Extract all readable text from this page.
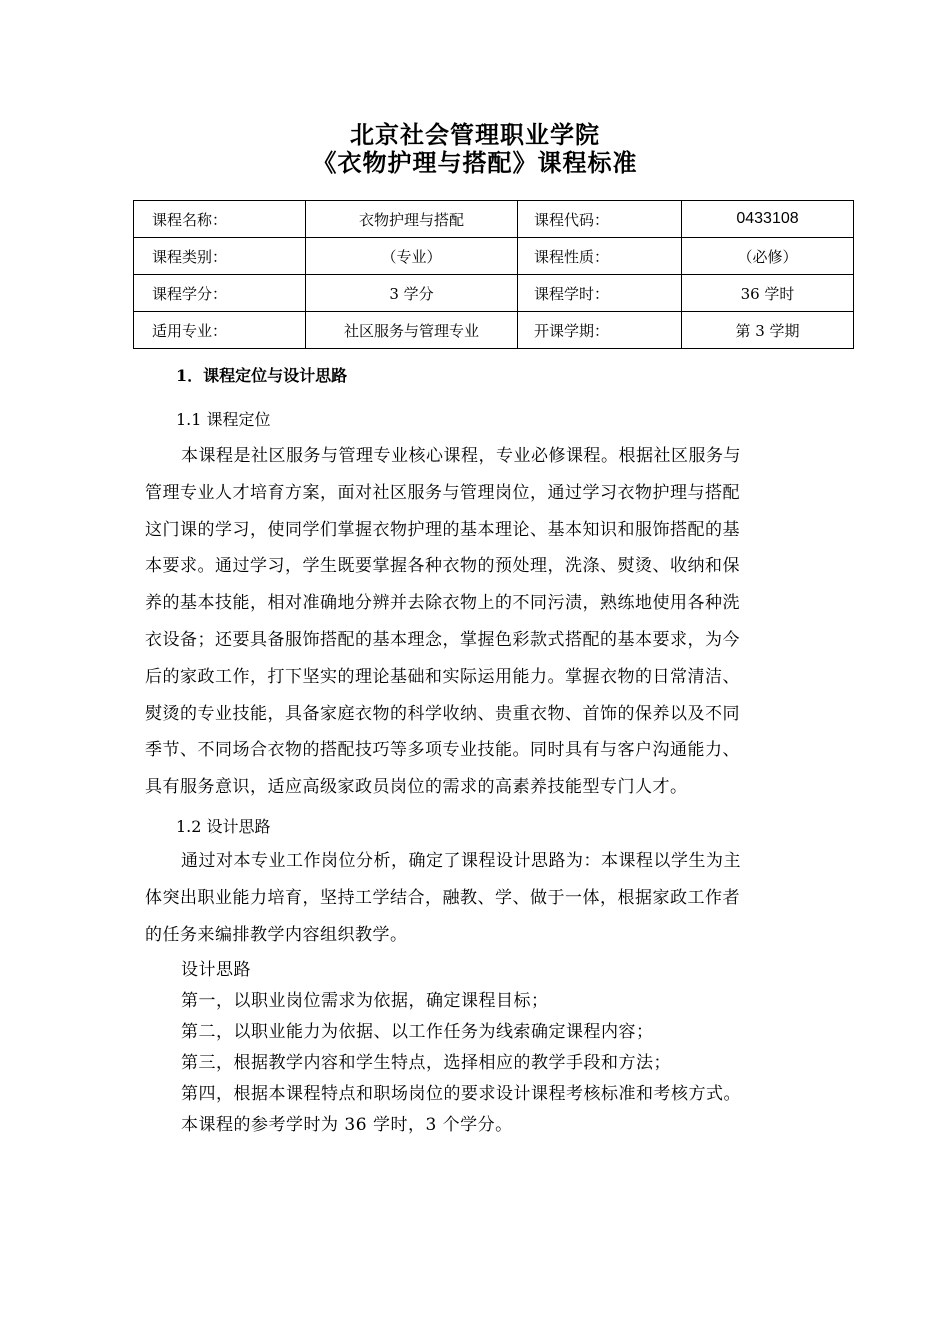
北京社会管理职业学院
《衣物护理与搭配》课程标准
课程名称：	衣物护理与搭配	课程代码：	0433108
课程类别：	（专业）	课程性质：	（必修）
课程学分：	3 学分	课程学时：	36 学时
适用专业：	社区服务与管理专业	开课学期：	第 3 学期
1．课程定位与设计思路
1.1 课程定位
本课程是社区服务与管理专业核心课程，专业必修课程。根据社区服务与
管理专业人才培育方案，面对社区服务与管理岗位，通过学习衣物护理与搭配
这门课的学习，使同学们掌握衣物护理的基本理论、基本知识和服饰搭配的基
本要求。通过学习，学生既要掌握各种衣物的预处理，洗涤、熨烫、收纳和保
养的基本技能，相对准确地分辨并去除衣物上的不同污渍，熟练地使用各种洗
衣设备；还要具备服饰搭配的基本理念，掌握色彩款式搭配的基本要求，为今
后的家政工作，打下坚实的理论基础和实际运用能力。掌握衣物的日常清洁、
熨烫的专业技能，具备家庭衣物的科学收纳、贵重衣物、首饰的保养以及不同
季节、不同场合衣物的搭配技巧等多项专业技能。同时具有与客户沟通能力、
具有服务意识，适应高级家政员岗位的需求的高素养技能型专门人才。
1.2 设计思路
通过对本专业工作岗位分析，确定了课程设计思路为：本课程以学生为主
体突出职业能力培育，坚持工学结合，融教、学、做于一体，根据家政工作者
的任务来编排教学内容组织教学。
设计思路
第一，以职业岗位需求为依据，确定课程目标；
第二，以职业能力为依据、以工作任务为线索确定课程内容；
第三，根据教学内容和学生特点，选择相应的教学手段和方法；
第四，根据本课程特点和职场岗位的要求设计课程考核标准和考核方式。
本课程的参考学时为 36 学时，3 个学分。
